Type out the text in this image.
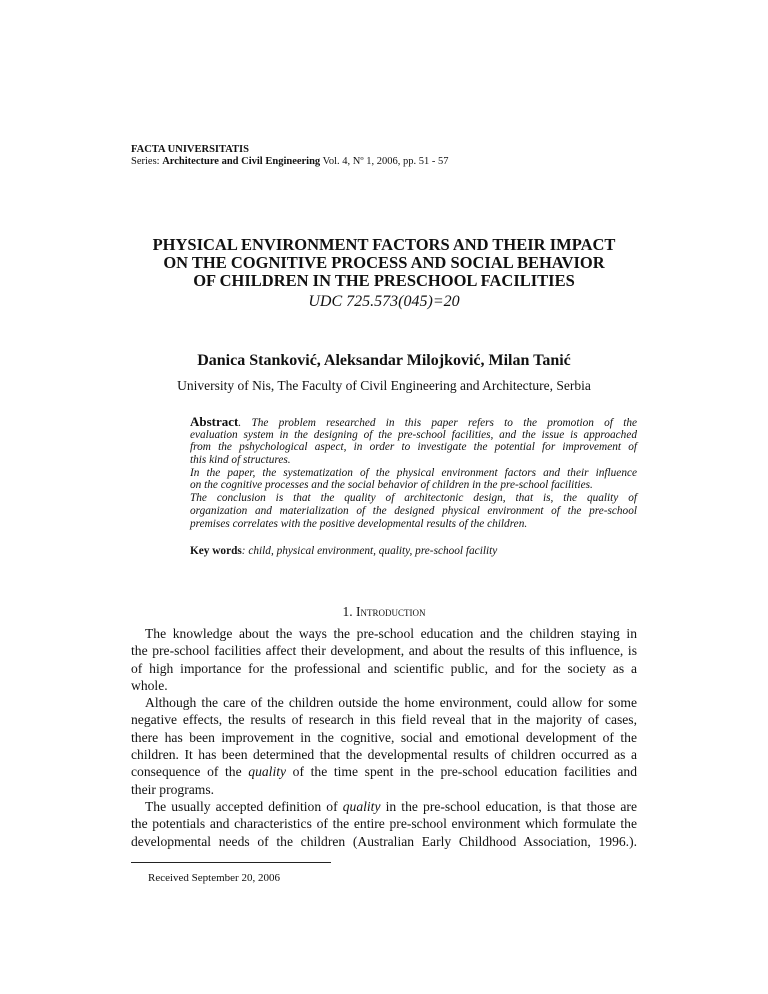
FACTA UNIVERSITATIS
Series: Architecture and Civil Engineering Vol. 4, Nº 1, 2006, pp. 51 - 57
PHYSICAL ENVIRONMENT FACTORS AND THEIR IMPACT
ON THE COGNITIVE PROCESS AND SOCIAL BEHAVIOR
OF CHILDREN IN THE PRESCHOOL FACILITIES
UDC 725.573(045)=20
Danica Stanković, Aleksandar Milojković, Milan Tanić
University of Nis, The Faculty of Civil Engineering and Architecture, Serbia
Abstract. The problem researched in this paper refers to the promotion of the
evaluation system in the designing of the pre-school facilities, and the issue is approached
from the pshychological aspect, in order to investigate the potential for improvement of
this kind of structures.
In the paper, the systematization of the physical environment factors and their influence
on the cognitive processes and the social behavior of children in the pre-school facilities.
The conclusion is that the quality of architectonic design, that is, the quality of
organization and materialization of the designed physical environment of the pre-school
premises correlates with the positive developmental results of the children.
Key words: child, physical environment, quality, pre-school facility
1. Introduction
The knowledge about the ways the pre-school education and the children staying in
the pre-school facilities affect their development, and about the results of this influence, is
of high importance for the professional and scientific public, and for the society as a
whole.
Although the care of the children outside the home environment, could allow for some
negative effects, the results of research in this field reveal that in the majority of cases,
there has been improvement in the cognitive, social and emotional development of the
children. It has been determined that the developmental results of children occurred as a
consequence of the quality of the time spent in the pre-school education facilities and
their programs.
The usually accepted definition of quality in the pre-school education, is that those are
the potentials and characteristics of the entire pre-school environment which formulate the
developmental needs of the children (Australian Early Childhood Association, 1996.).
Received September 20, 2006
